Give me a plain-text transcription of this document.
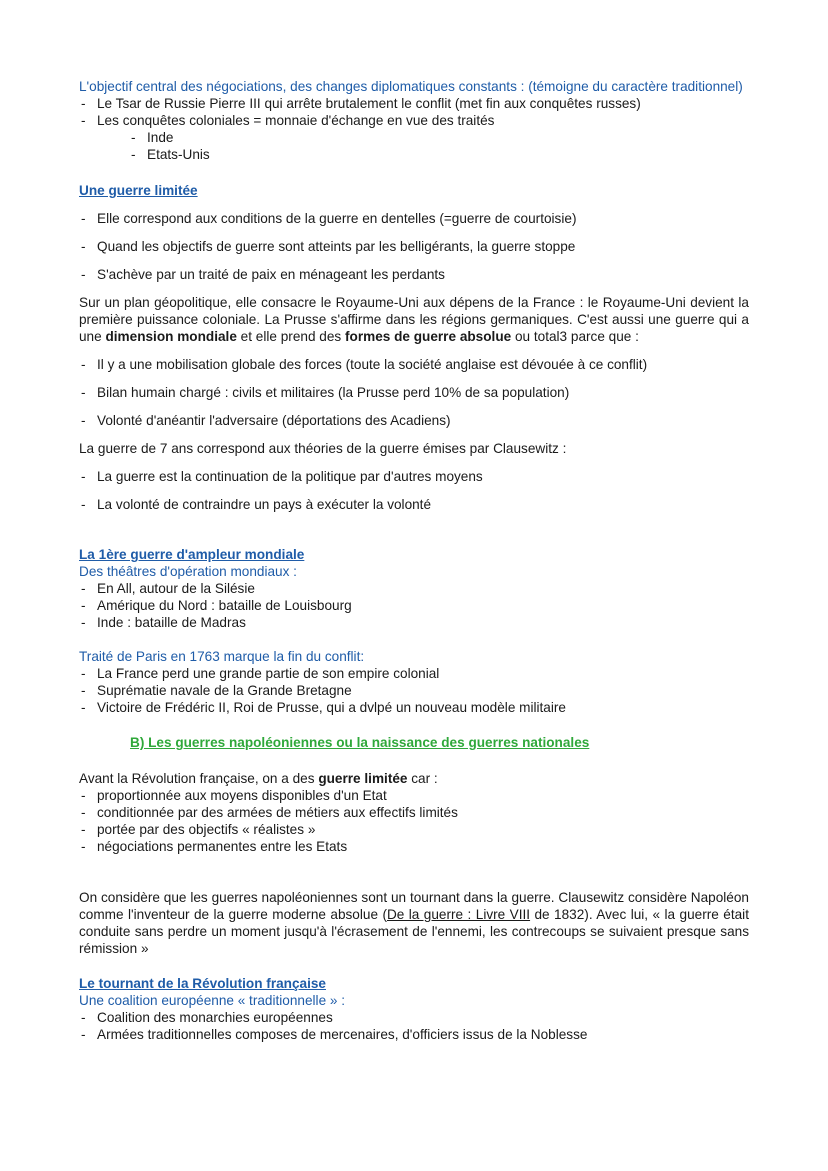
L'objectif central des négociations, des changes diplomatiques constants : (témoigne du caractère traditionnel)

- Le Tsar de Russie Pierre III qui arrête brutalement le conflit (met fin aux conquêtes russes)
- Les conquêtes coloniales = monnaie d'échange en vue des traités
- Inde
- Etats-Unis

Une guerre limitée

- Elle correspond aux conditions de la guerre en dentelles (=guerre de courtoisie)
- Quand les objectifs de guerre sont atteints par les belligérants, la guerre stoppe
- S'achève par un traité de paix en ménageant les perdants

Sur un plan géopolitique, elle consacre le Royaume-Uni aux dépens de la France : le Royaume-Uni devient la première puissance coloniale. La Prusse s'affirme dans les régions germaniques. C'est aussi une guerre qui a une dimension mondiale et elle prend des formes de guerre absolue ou total3 parce que :

- Il y a une mobilisation globale des forces (toute la société anglaise est dévouée à ce conflit)
- Bilan humain chargé : civils et militaires (la Prusse perd 10% de sa population)
- Volonté d'anéantir l'adversaire (déportations des Acadiens)

La guerre de 7 ans correspond aux théories de la guerre émises par Clausewitz :

- La guerre est la continuation de la politique par d'autres moyens
- La volonté de contraindre un pays à exécuter la volonté

La 1ère guerre d'ampleur mondiale

Des théâtres d'opération mondiaux :

- En All, autour de la Silésie
- Amérique du Nord : bataille de Louisbourg
- Inde : bataille de Madras

Traité de Paris en 1763 marque la fin du conflit:

- La France perd une grande partie de son empire colonial
- Suprématie navale de la Grande Bretagne
- Victoire de Frédéric II, Roi de Prusse, qui a dvlpé un nouveau modèle militaire

B) Les guerres napoléoniennes ou la naissance des guerres nationales

Avant la Révolution française, on a des guerre limitée car :

- proportionnée aux moyens disponibles d'un Etat
- conditionnée par des armées de métiers aux effectifs limités
- portée par des objectifs « réalistes »
- négociations permanentes entre les Etats

On considère que les guerres napoléoniennes sont un tournant dans la guerre. Clausewitz considère Napoléon comme l'inventeur de la guerre moderne absolue (De la guerre : Livre VIII de 1832). Avec lui, « la guerre était conduite sans perdre un moment jusqu'à l'écrasement de l'ennemi, les contrecoups se suivaient presque sans rémission »

Le tournant de la Révolution française

Une coalition européenne « traditionnelle » :

- Coalition des monarchies européennes
- Armées traditionnelles composes de mercenaires, d'officiers issus de la Noblesse
